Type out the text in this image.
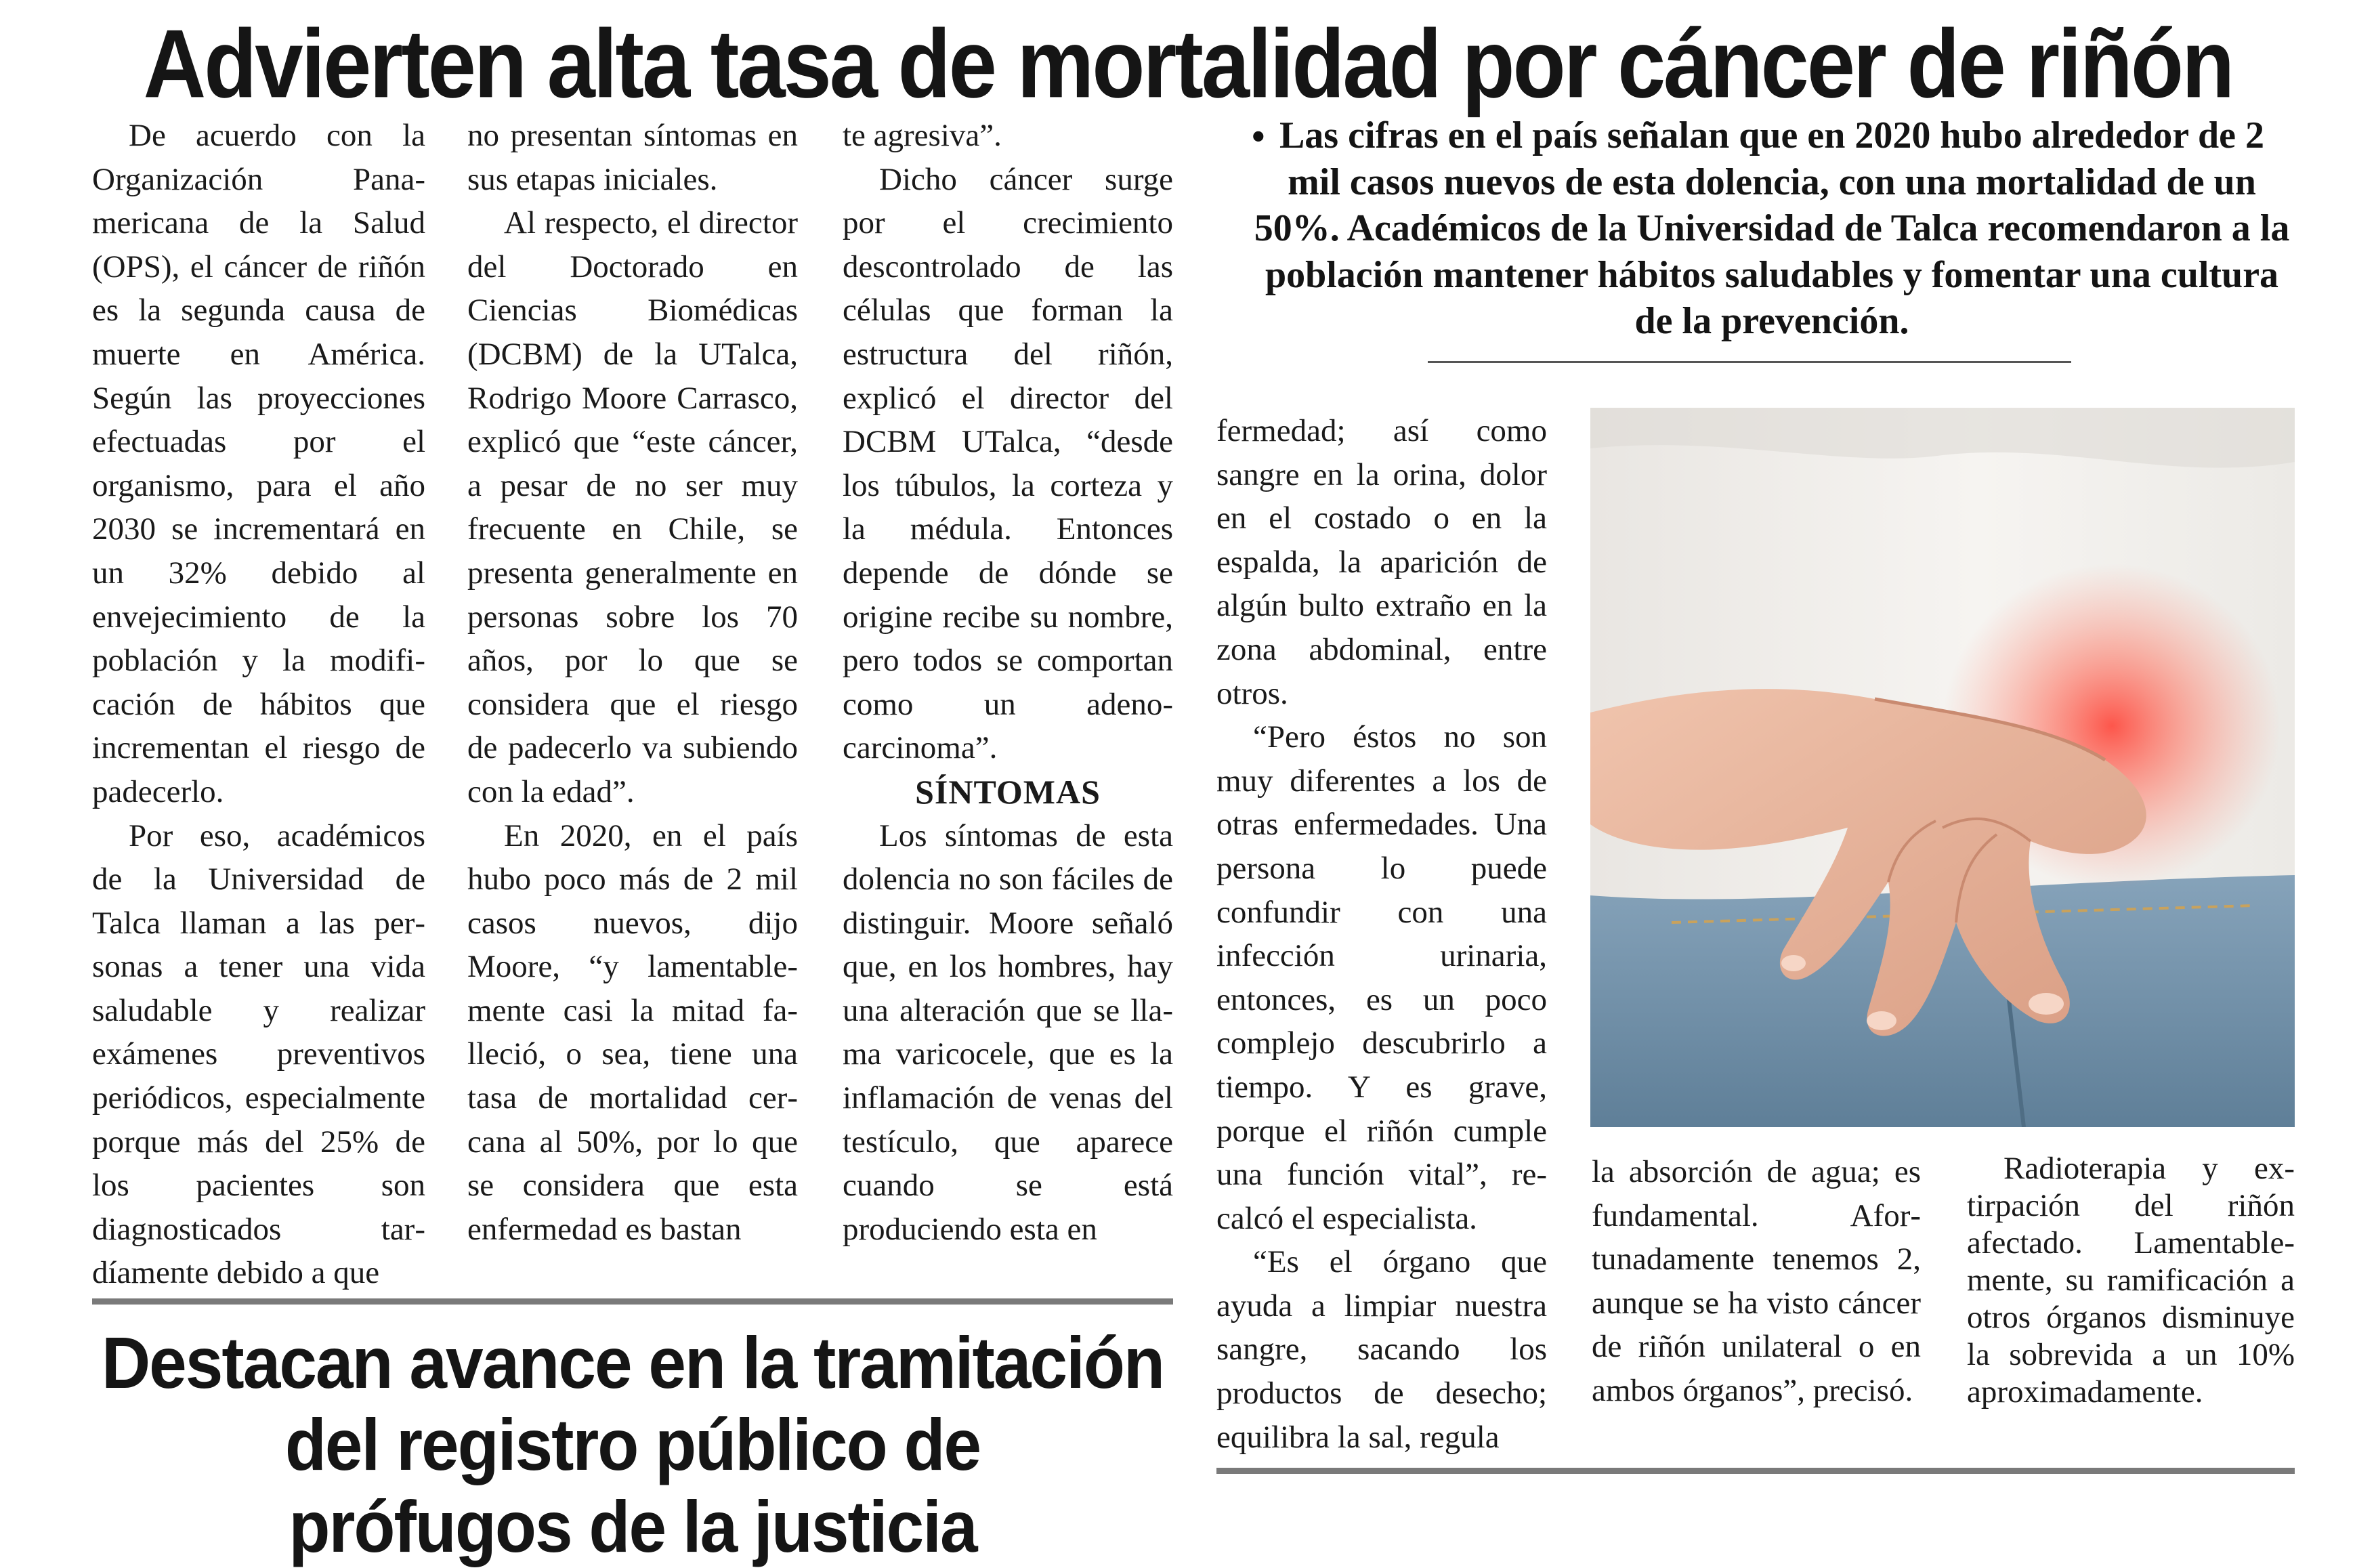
Advierten alta tasa de mortalidad por cáncer de riñón

De acuerdo con la Organización Panamericana de la Salud (OPS), el cáncer de riñón es la segunda causa de muerte en América. Según las proyecciones efectuadas por el organismo, para el año 2030 se incrementará en un 32% debido al envejecimiento de la población y la modificación de hábitos que incrementan el riesgo de padecerlo.

Por eso, académicos de la Universidad de Talca llaman a las personas a tener una vida saludable y realizar exámenes preventivos periódicos, especialmente porque más del 25% de los pacientes son diagnosticados tardíamente debido a que

no presentan síntomas en sus etapas iniciales.

Al respecto, el director del Doctorado en Ciencias Biomédicas (DCBM) de la UTalca, Rodrigo Moore Carrasco, explicó que “este cáncer, a pesar de no ser muy frecuente en Chile, se presenta generalmente en personas sobre los 70 años, por lo que se considera que el riesgo de padecerlo va subiendo con la edad”.

En 2020, en el país hubo poco más de 2 mil casos nuevos, dijo Moore, “y lamentablemente casi la mitad falleció, o sea, tiene una tasa de mortalidad cercana al 50%, por lo que se considera que esta enfermedad es bastan

te agresiva”.

Dicho cáncer surge por el crecimiento descontrolado de las células que forman la estructura del riñón, explicó el director del DCBM UTalca, “desde los túbulos, la corteza y la médula. Entonces depende de dónde se origine recibe su nombre, pero todos se comportan como un adenocarcinoma”.

SÍNTOMAS

Los síntomas de esta dolencia no son fáciles de distinguir. Moore señaló que, en los hombres, hay una alteración que se llama varicocele, que es la inflamación de venas del testículo, que aparece cuando se está produciendo esta en

• Las cifras en el país señalan que en 2020 hubo alrededor de 2 mil casos nuevos de esta dolencia, con una mortalidad de un 50%. Académicos de la Universidad de Talca recomendaron a la población mantener hábitos saludables y fomentar una cultura de la prevención.

fermedad; así como sangre en la orina, dolor en el costado o en la espalda, la aparición de algún bulto extraño en la zona abdominal, entre otros.

“Pero éstos no son muy diferentes a los de otras enfermedades. Una persona lo puede confundir con una infección urinaria, entonces, es un poco complejo descubrirlo a tiempo. Y es grave, porque el riñón cumple una función vital”, recalcó el especialista.

“Es el órgano que ayuda a limpiar nuestra sangre, sacando los productos de desecho; equilibra la sal, regula

la absorción de agua; es fundamental. Afortunadamente tenemos 2, aunque se ha visto cáncer de riñón unilateral o en ambos órganos”, precisó.

Radioterapia y extirpación del riñón afectado. Lamentablemente, su ramificación a otros órganos disminuye la sobrevida a un 10% aproximadamente.

Destacan avance en la tramitación
del registro público de
prófugos de la justicia
